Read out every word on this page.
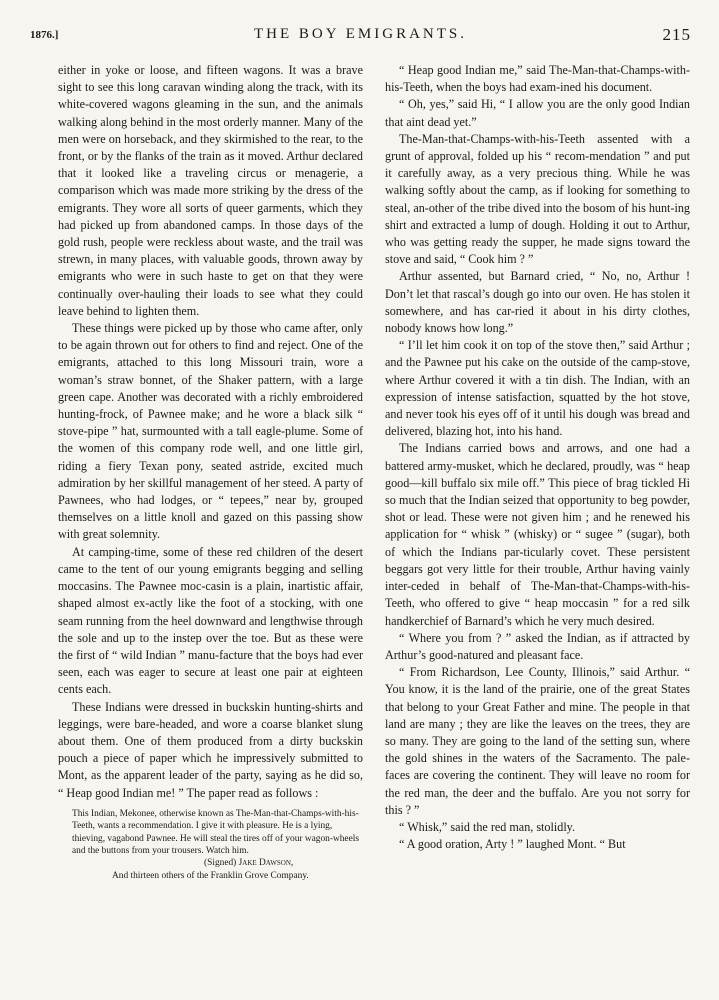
1876.]	THE BOY EMIGRANTS.	215

either in yoke or loose, and fifteen wagons. It was a brave sight to see this long caravan winding along the track, with its white-covered wagons gleaming in the sun, and the animals walking along behind in the most orderly manner. Many of the men were on horseback, and they skirmished to the rear, to the front, or by the flanks of the train as it moved. Arthur declared that it looked like a traveling circus or menagerie, a comparison which was made more striking by the dress of the emigrants. They wore all sorts of queer garments, which they had picked up from abandoned camps. In those days of the gold rush, people were reckless about waste, and the trail was strewn, in many places, with valuable goods, thrown away by emigrants who were in such haste to get on that they were continually over-hauling their loads to see what they could leave behind to lighten them.

These things were picked up by those who came after, only to be again thrown out for others to find and reject. One of the emigrants, attached to this long Missouri train, wore a woman’s straw bonnet, of the Shaker pattern, with a large green cape. Another was decorated with a richly embroidered hunting-frock, of Pawnee make; and he wore a black silk “ stove-pipe ” hat, surmounted with a tall eagle-plume. Some of the women of this company rode well, and one little girl, riding a fiery Texan pony, seated astride, excited much admiration by her skillful management of her steed. A party of Pawnees, who had lodges, or “ tepees,” near by, grouped themselves on a little knoll and gazed on this passing show with great solemnity.

At camping-time, some of these red children of the desert came to the tent of our young emigrants begging and selling moccasins. The Pawnee moc-casin is a plain, inartistic affair, shaped almost ex-actly like the foot of a stocking, with one seam running from the heel downward and lengthwise through the sole and up to the instep over the toe. But as these were the first of “ wild Indian ” manu-facture that the boys had ever seen, each was eager to secure at least one pair at eighteen cents each.

These Indians were dressed in buckskin hunting-shirts and leggings, were bare-headed, and wore a coarse blanket slung about them. One of them produced from a dirty buckskin pouch a piece of paper which he impressively submitted to Mont, as the apparent leader of the party, saying as he did so, “ Heap good Indian me! ” The paper read as follows :

This Indian, Mekonee, otherwise known as The-Man-that-Champs-with-his-Teeth, wants a recommendation. I give it with pleasure. He is a lying, thieving, vagabond Pawnee. He will steal the tires off of your wagon-wheels and the buttons from your trousers. Watch him.
(Signed) Jake Dawson,
And thirteen others of the Franklin Grove Company.

“ Heap good Indian me,” said The-Man-that-Champs-with-his-Teeth, when the boys had exam-ined his document.

“ Oh, yes,” said Hi, “ I allow you are the only good Indian that aint dead yet.”

The-Man-that-Champs-with-his-Teeth assented with a grunt of approval, folded up his “ recom-mendation ” and put it carefully away, as a very precious thing. While he was walking softly about the camp, as if looking for something to steal, an-other of the tribe dived into the bosom of his hunt-ing shirt and extracted a lump of dough. Holding it out to Arthur, who was getting ready the supper, he made signs toward the stove and said, “ Cook him ? ”

Arthur assented, but Barnard cried, “ No, no, Arthur ! Don’t let that rascal’s dough go into our oven. He has stolen it somewhere, and has car-ried it about in his dirty clothes, nobody knows how long.”

“ I’ll let him cook it on top of the stove then,” said Arthur ; and the Pawnee put his cake on the outside of the camp-stove, where Arthur covered it with a tin dish. The Indian, with an expression of intense satisfaction, squatted by the hot stove, and never took his eyes off of it until his dough was bread and delivered, blazing hot, into his hand.

The Indians carried bows and arrows, and one had a battered army-musket, which he declared, proudly, was “ heap good—kill buffalo six mile off.” This piece of brag tickled Hi so much that the Indian seized that opportunity to beg powder, shot or lead. These were not given him ; and he renewed his application for “ whisk ” (whisky) or “ sugee ” (sugar), both of which the Indians par-ticularly covet. These persistent beggars got very little for their trouble, Arthur having vainly inter-ceded in behalf of The-Man-that-Champs-with-his-Teeth, who offered to give “ heap moccasin ” for a red silk handkerchief of Barnard’s which he very much desired.

“ Where you from ? ” asked the Indian, as if attracted by Arthur’s good-natured and pleasant face.

“ From Richardson, Lee County, Illinois,” said Arthur. “ You know, it is the land of the prairie, one of the great States that belong to your Great Father and mine. The people in that land are many ; they are like the leaves on the trees, they are so many. They are going to the land of the setting sun, where the gold shines in the waters of the Sacramento. The pale-faces are covering the continent. They will leave no room for the red man, the deer and the buffalo. Are you not sorry for this ? ”

“ Whisk,” said the red man, stolidly.

“ A good oration, Arty ! ” laughed Mont. “ But
